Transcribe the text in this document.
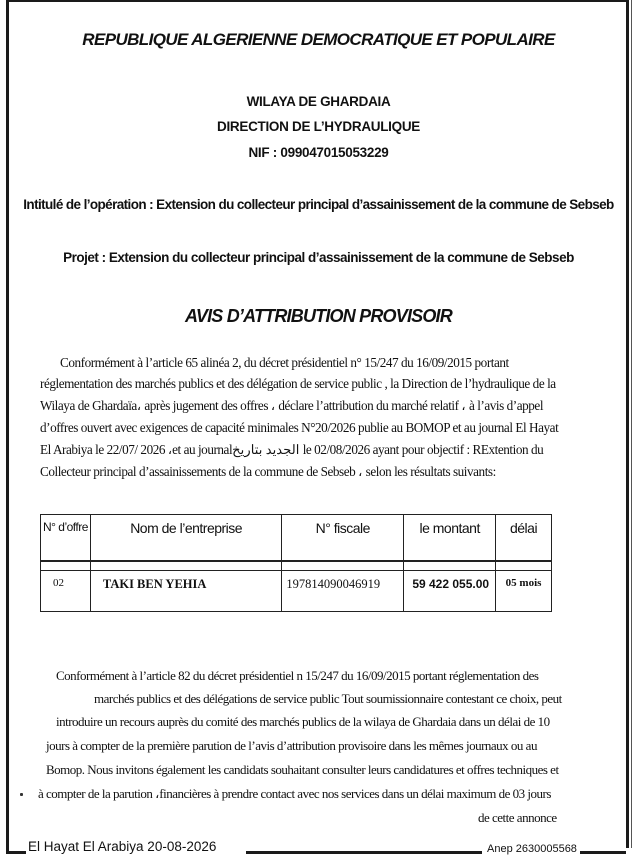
REPUBLIQUE ALGERIENNE DEMOCRATIQUE ET POPULAIRE
WILAYA DE GHARDAIA
DIRECTION DE L’HYDRAULIQUE
NIF : 099047015053229
Intitulé de l’opération : Extension du collecteur principal d’assainissement de la commune de Sebseb
Projet : Extension du collecteur principal d’assainissement de la commune de Sebseb
AVIS D’ATTRIBUTION PROVISOIR
Conformément à l’article 65 alinéa 2, du décret présidentiel n° 15/247 du 16/09/2015 portant
réglementation des marchés publics et des délégation de service public , la Direction de l’hydraulique de la
Wilaya de Ghardaïa، après jugement des offres ، déclare l’attribution du marché relatif ، à l’avis d’appel
d’offres ouvert avec exigences de capacité minimales N°20/2026 publie au BOMOP et au journal El Hayat
El Arabiya le 22/07/ 2026 ،et au journalالجديد بتاريخ le 02/08/2026 ayant pour objectif : RExtention du
Collecteur principal d’assainissements de la commune de Sebseb ، selon les résultats suivants:
N° d’offre	Nom de l’entreprise	N° fiscale	le montant	délai

02	TAKI BEN YEHIA	197814090046919	59 422 055.00	05 mois
Conformément à l’article 82 du décret présidentiel n 15/247 du 16/09/2015 portant réglementation des
marchés publics et des délégations de service public Tout soumissionnaire contestant ce choix, peut
introduire un recours auprès du comité des marchés publics de la wilaya de Ghardaia dans un délai de 10
jours à compter de la première parution de l’avis d’attribution provisoire dans les mêmes journaux ou au
Bomop. Nous invitons également les candidats souhaitant consulter leurs candidatures et offres techniques et
à compter de la parution ،financières à prendre contact avec nos services dans un délai maximum de 03 jours
de cette annonce
El Hayat El Arabiya 20-08-2026	Anep 2630005568
